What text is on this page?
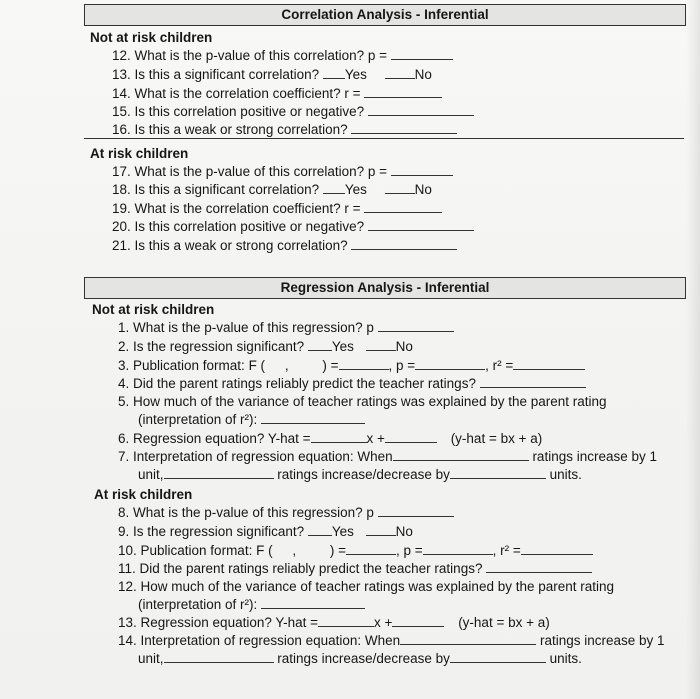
Correlation Analysis - Inferential
Not at risk children
12. What is the p-value of this correlation? p =
13. Is this a significant correlation? Yes	No
14. What is the correlation coefficient? r =
15. Is this correlation positive or negative?
16. Is this a weak or strong correlation?
At risk children
17. What is the p-value of this correlation? p =
18. Is this a significant correlation? Yes	No
19. What is the correlation coefficient? r =
20. Is this correlation positive or negative?
21. Is this a weak or strong correlation?
Regression Analysis - Inferential
Not at risk children
1. What is the p-value of this regression? p
2. Is the regression significant? Yes	No
3. Publication format: F ( ,	) =	, p =	, r² =
4. Did the parent ratings reliably predict the teacher ratings?
5. How much of the variance of teacher ratings was explained by the parent rating
(interpretation of r²):
6. Regression equation? Y-hat =	x +	(y-hat = bx + a)
7. Interpretation of regression equation: When	ratings increase by 1
unit,	ratings increase/decrease by	units.
At risk children
8. What is the p-value of this regression? p
9. Is the regression significant? Yes	No
10. Publication format: F ( ,	) =	, p =	, r² =
11. Did the parent ratings reliably predict the teacher ratings?
12. How much of the variance of teacher ratings was explained by the parent rating
(interpretation of r²):
13. Regression equation? Y-hat =	x +	(y-hat = bx + a)
14. Interpretation of regression equation: When	ratings increase by 1
unit,	ratings increase/decrease by	units.
